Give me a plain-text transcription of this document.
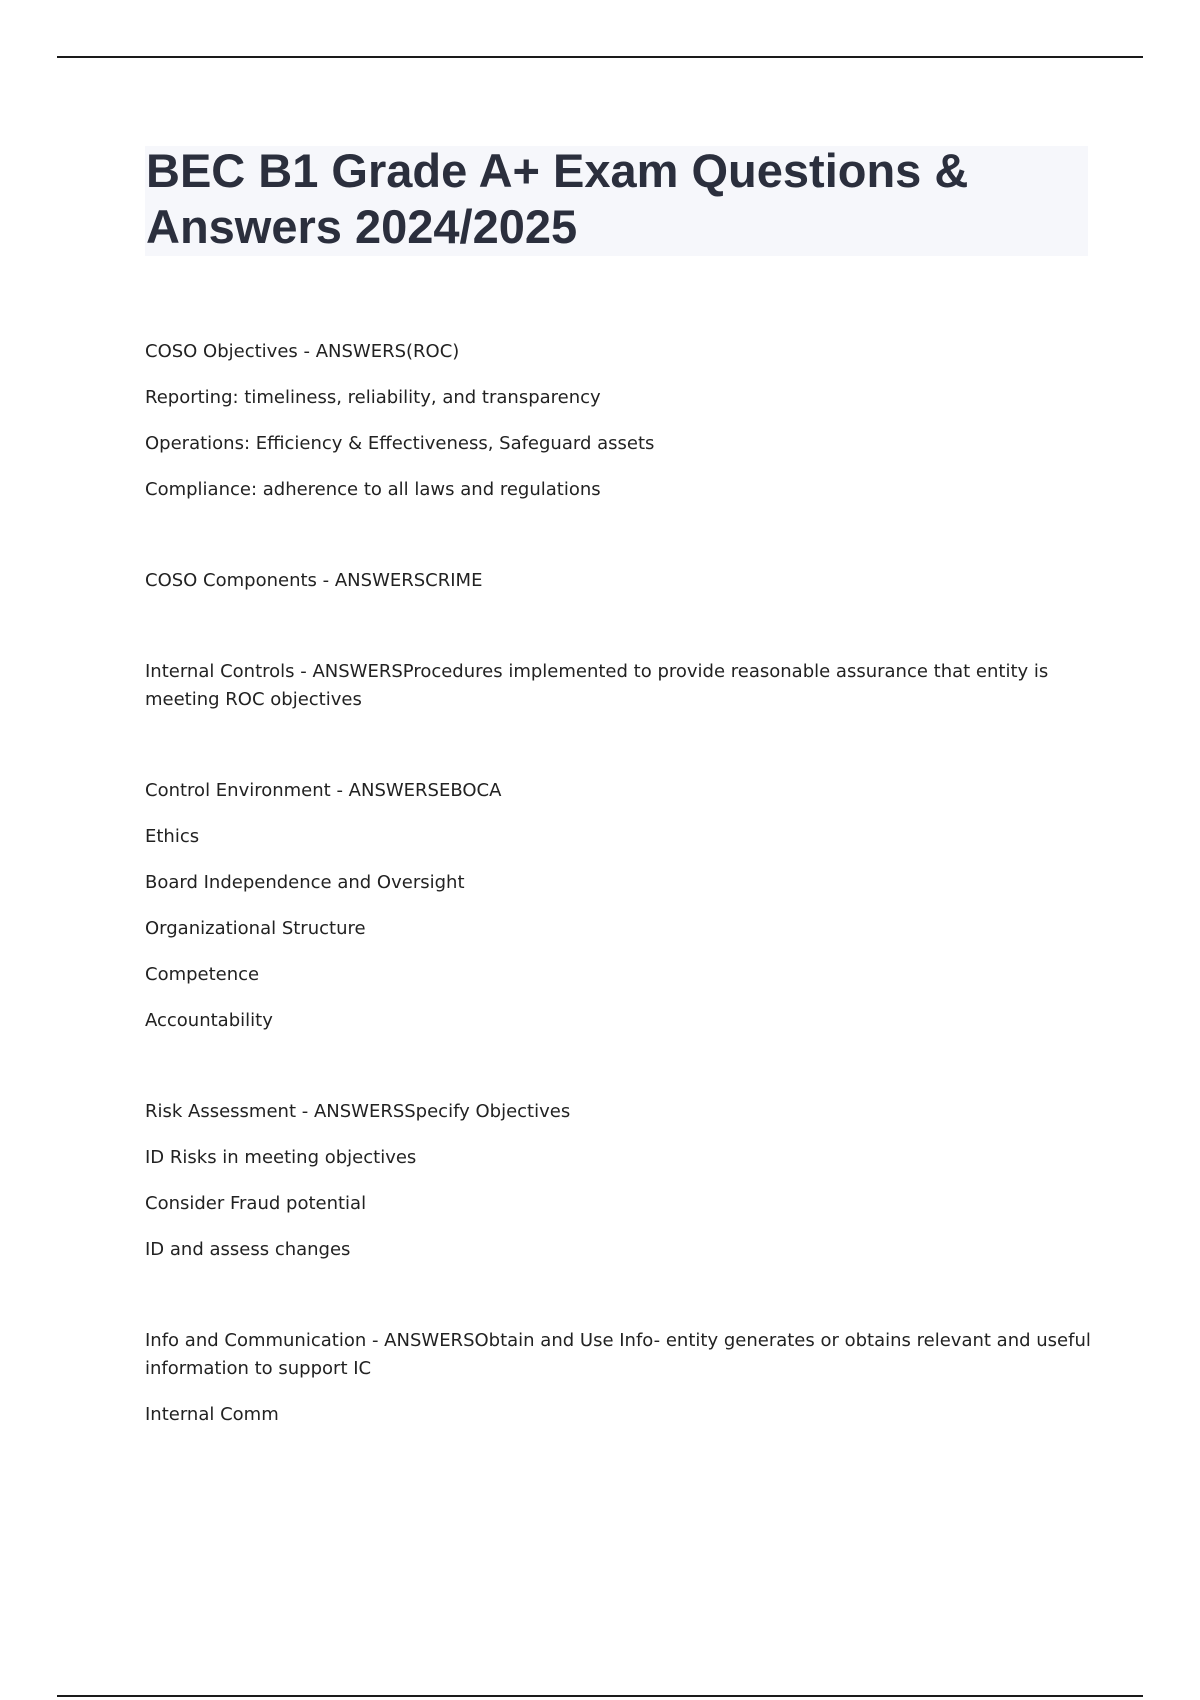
BEC B1 Grade A+ Exam Questions & Answers 2024/2025

COSO Objectives - ANSWERS(ROC)

Reporting: timeliness, reliability, and transparency

Operations: Efficiency & Effectiveness, Safeguard assets

Compliance: adherence to all laws and regulations

COSO Components - ANSWERSCRIME

Internal Controls - ANSWERSProcedures implemented to provide reasonable assurance that entity is meeting ROC objectives

Control Environment - ANSWERSEBOCA

Ethics

Board Independence and Oversight

Organizational Structure

Competence

Accountability

Risk Assessment - ANSWERSSpecify Objectives

ID Risks in meeting objectives

Consider Fraud potential

ID and assess changes

Info and Communication - ANSWERSObtain and Use Info- entity generates or obtains relevant and useful information to support IC

Internal Comm
